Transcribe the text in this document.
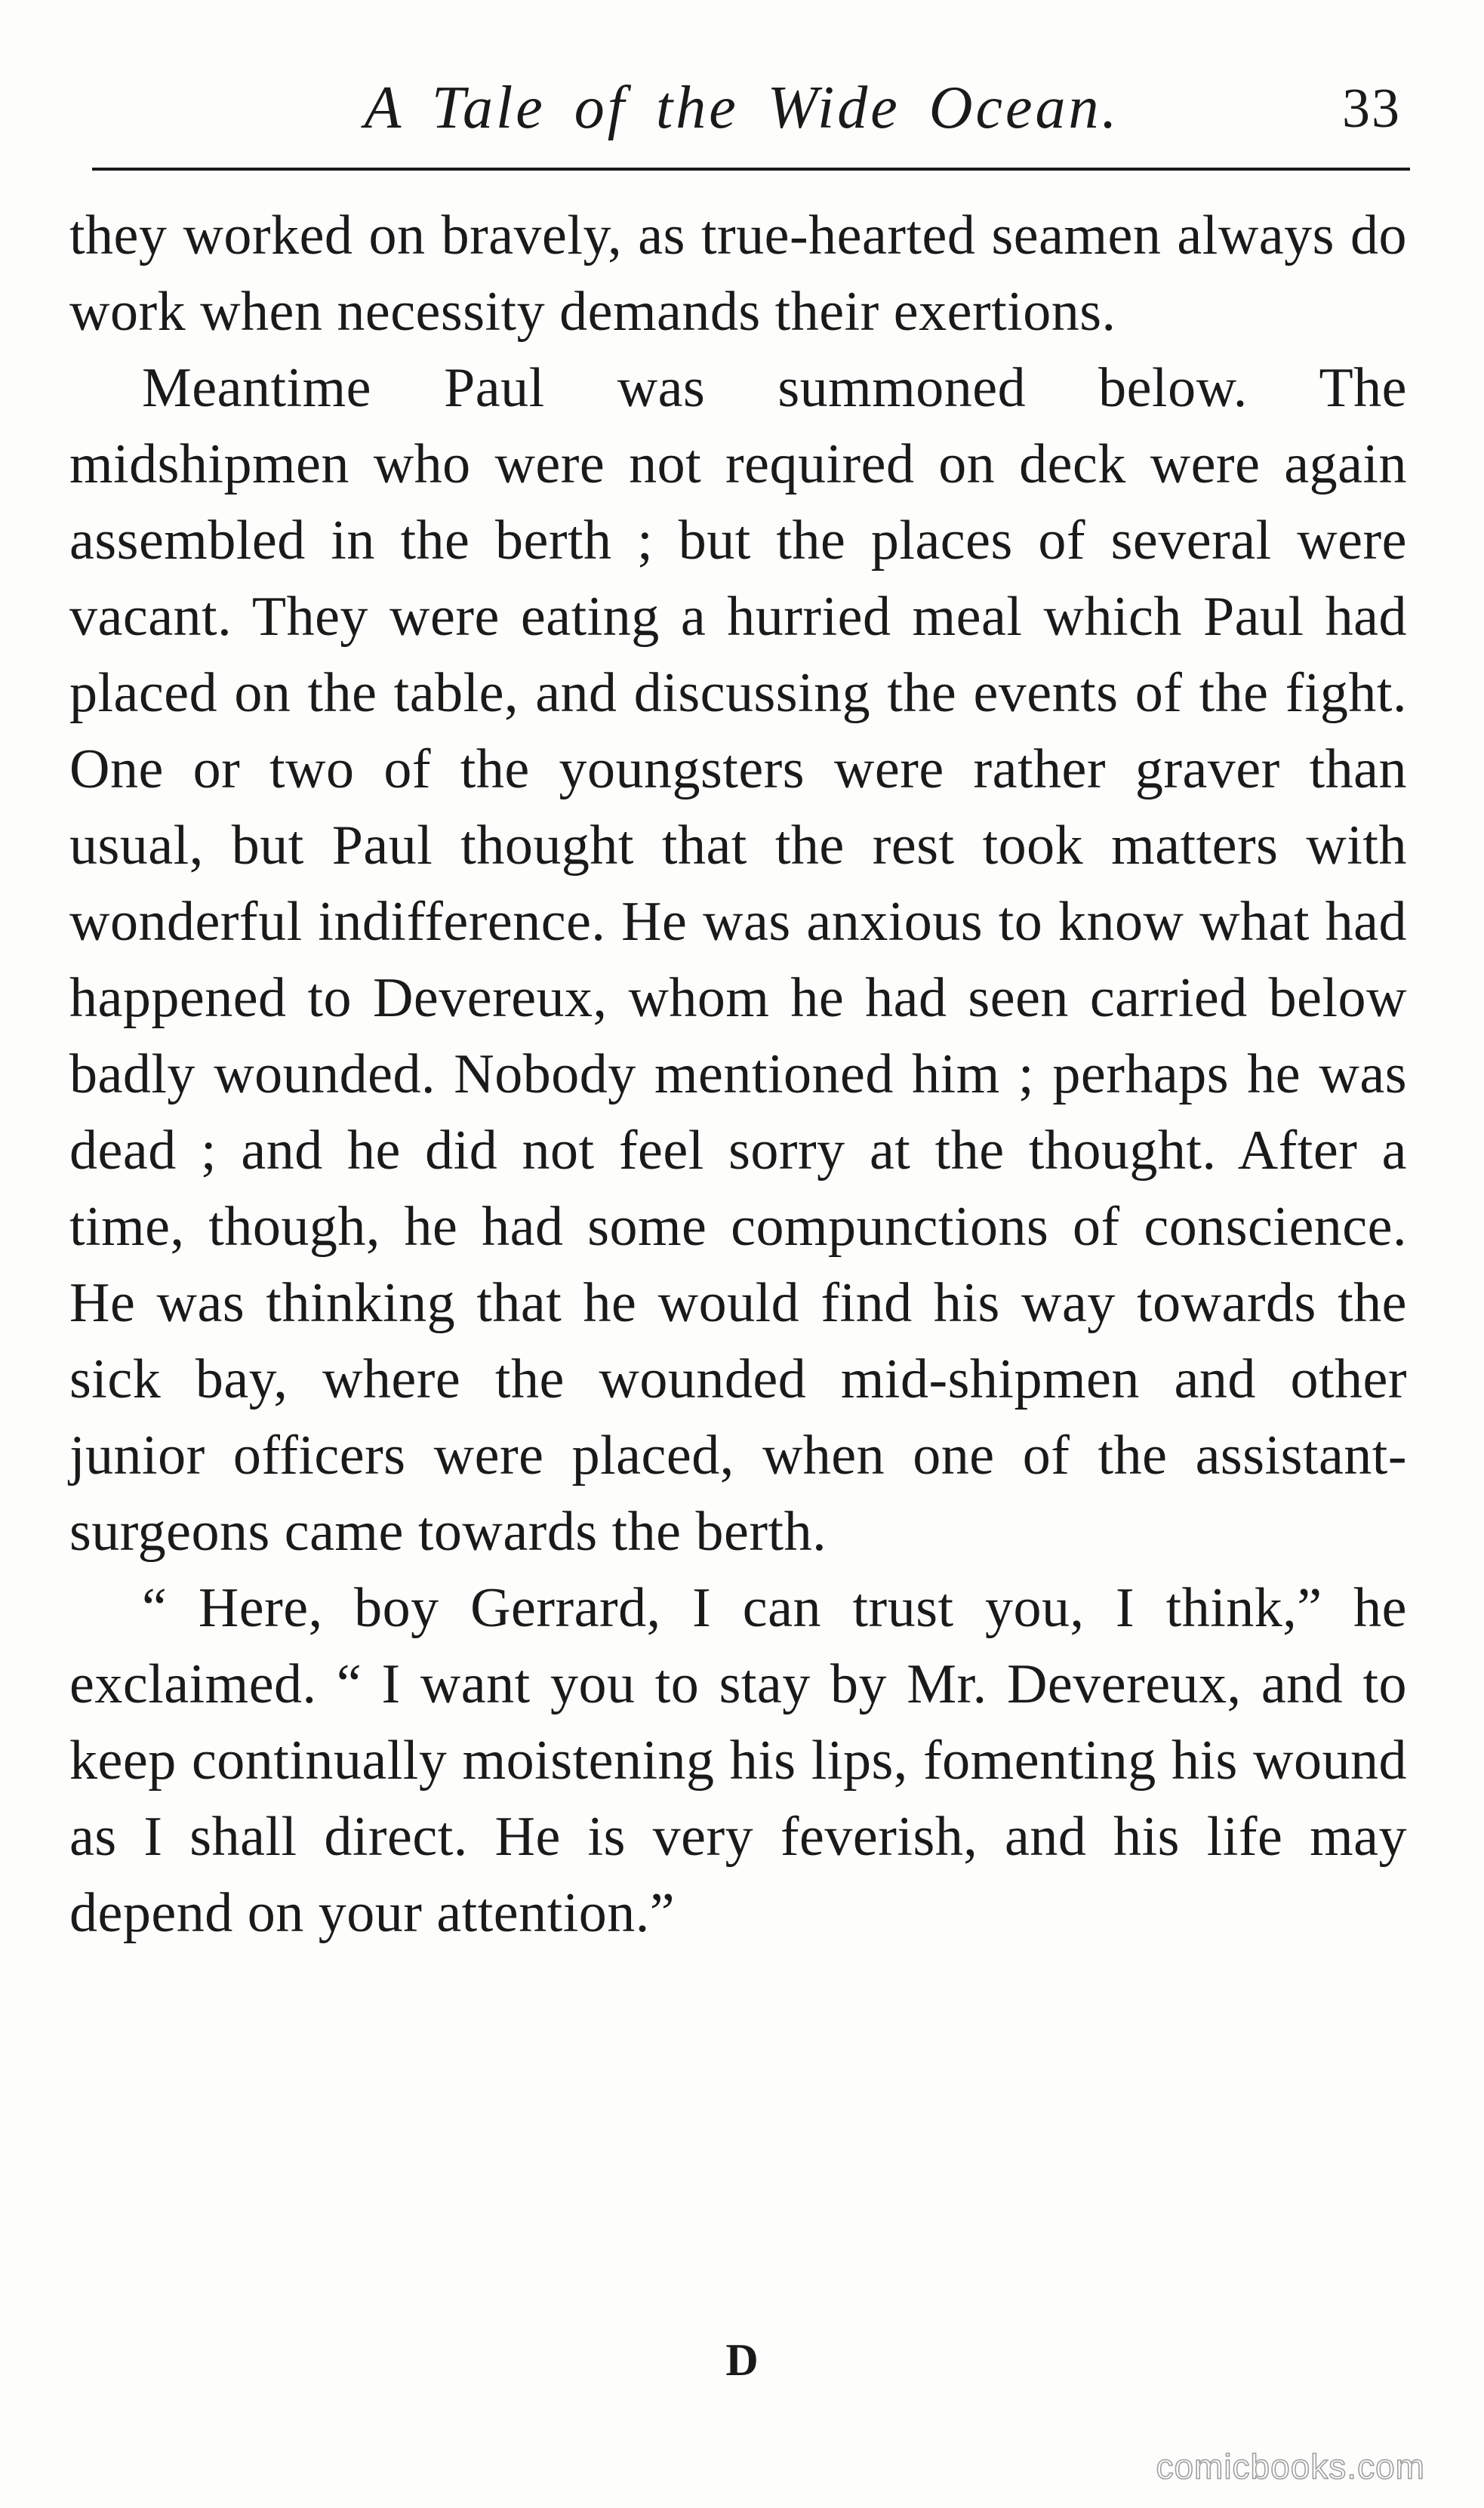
A Tale of the Wide Ocean.	33

they worked on bravely, as true-hearted seamen always do work when necessity demands their exertions.

Meantime Paul was summoned below. The midshipmen who were not required on deck were again assembled in the berth ; but the places of several were vacant. They were eating a hurried meal which Paul had placed on the table, and discussing the events of the fight. One or two of the youngsters were rather graver than usual, but Paul thought that the rest took matters with wonderful indifference. He was anxious to know what had happened to Devereux, whom he had seen carried below badly wounded. Nobody mentioned him ; perhaps he was dead ; and he did not feel sorry at the thought. After a time, though, he had some compunctions of conscience. He was thinking that he would find his way towards the sick bay, where the wounded mid-shipmen and other junior officers were placed, when one of the assistant-surgeons came towards the berth.

“ Here, boy Gerrard, I can trust you, I think,” he exclaimed. “ I want you to stay by Mr. Devereux, and to keep continually moistening his lips, fomenting his wound as I shall direct. He is very feverish, and his life may depend on your attention.”

D
comicbooks.com
